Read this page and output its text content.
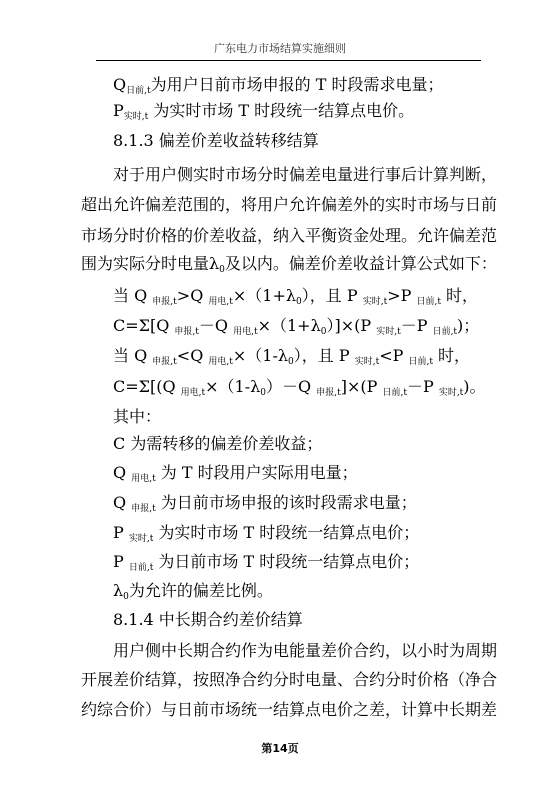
广东电力市场结算实施细则
$Q_{日前,t}$为用户日前市场申报的 T 时段需求电量；
$P_{实时,t}$ 为实时市场 T 时段统一结算点电价。
8.1.3 偏差价差收益转移结算
对于用户侧实时市场分时偏差电量进行事后计算判断，
超出允许偏差范围的，将用户允许偏差外的实时市场与日前
市场分时价格的价差收益，纳入平衡资金处理。允许偏差范
围为实际分时电量$\lambda_0$及以内。偏差价差收益计算公式如下：
当 Q $_{申报,t}$>Q $_{用电,t}\times(1+\lambda_0)$，且 P $_{实时,t}$>P $_{日前,t}$ 时，
C=Σ[Q $_{申报,t}$－Q $_{用电,t}\times(1+\lambda_0)]\times(P$ $_{实时,t}$－P $_{日前,t}$)；
当 Q $_{申报,t}$<Q $_{用电,t}\times(1-\lambda_0)$，且 P $_{实时,t}$<P $_{日前,t}$ 时，
C=Σ[(Q $_{用电,t}\times(1-\lambda_0)-Q$ $_{申报,t}$]×(P $_{日前,t}$－P $_{实时,t}$)。
其中：
C 为需转移的偏差价差收益；
Q $_{用电,t}$ 为 T 时段用户实际用电量；
Q $_{申报,t}$ 为日前市场申报的该时段需求电量；
P $_{实时,t}$ 为实时市场 T 时段统一结算点电价；
P $_{日前,t}$ 为日前市场 T 时段统一结算点电价；
$\lambda_0$为允许的偏差比例。
8.1.4 中长期合约差价结算
用户侧中长期合约作为电能量差价合约，以小时为周期
开展差价结算，按照净合约分时电量、合约分时价格（净合
约综合价）与日前市场统一结算点电价之差，计算中长期差
第14页
